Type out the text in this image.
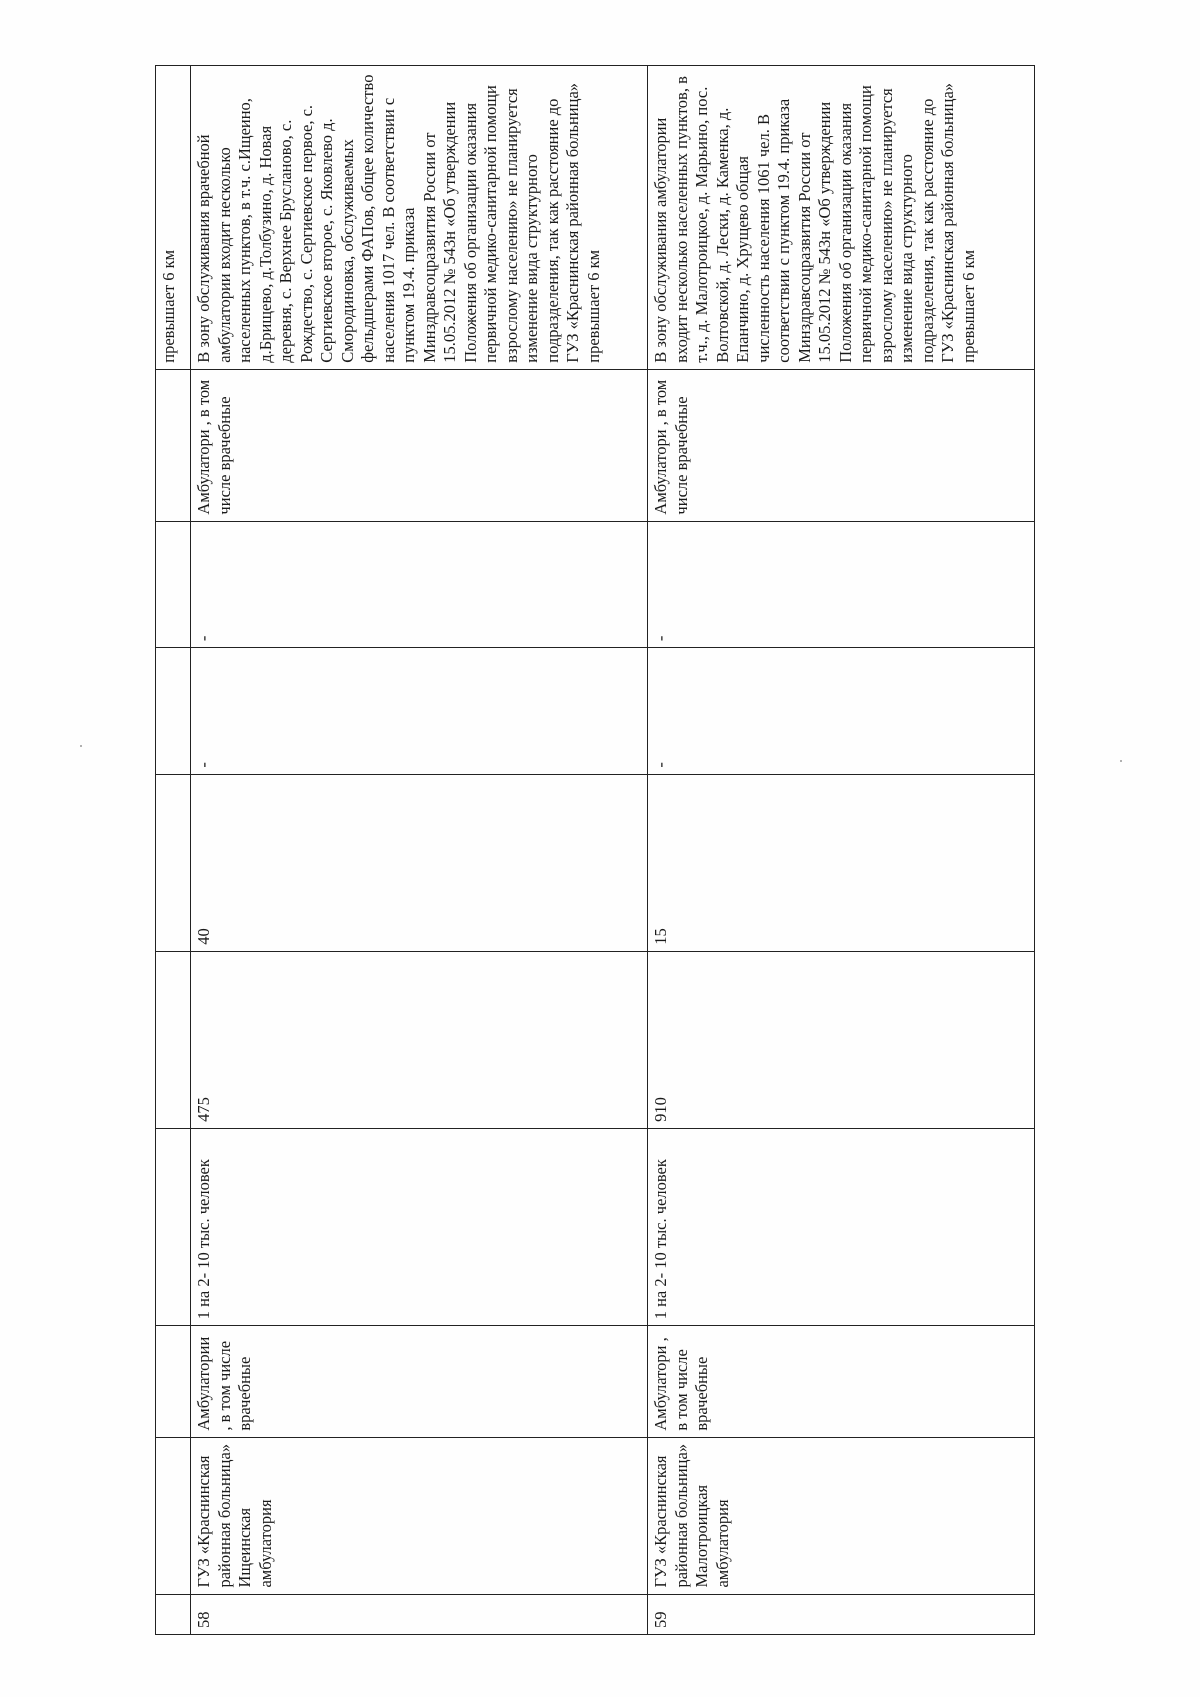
									превышает 6 км
58	ГУЗ «Краснинская районная больница» Ищеинская амбулатория	Амбулатории , в том числе врачебные	1 на 2- 10 тыс. человек	475	40	-	-	Амбулатори , в том числе врачебные	В зону обслуживания врачебной амбулатории входит несколько населенных пунктов, в т.ч. с.Ищеино, д.Брищево, д.Толбузино, д. Новая деревня, с. Верхнее Брусланово, с. Рождество, с. Сергиевское первое, с. Сергиевское второе, с. Яковлево д. Смородиновка, обслуживаемых фельдшерами ФАПов, общее количество населения 1017 чел. В соответствии с пунктом 19.4. приказа Минздравсоцразвития России от 15.05.2012 № 543н «Об утверждении Положения об организации оказания первичной медико-санитарной помощи взрослому населению» не планируется изменение вида структурного подразделения, так как расстояние до ГУЗ «Краснинская районная больница» превышает 6 км
59	ГУЗ «Краснинская районная больница» Малотроицкая амбулатория	Амбулатори , в том числе врачебные	1 на 2- 10 тыс. человек	910	15	-	-	Амбулатори , в том числе врачебные	В зону обслуживания амбулатории входит несколько населенных пунктов, в т.ч., д. Малотроицкое, д. Марьино, пос. Волтовской, д. Лески, д. Каменка, д. Епанчино, д. Хрущево общая численность населения 1061 чел. В соответствии с пунктом 19.4. приказа Минздравсоцразвития России от 15.05.2012 № 543н «Об утверждении Положения об организации оказания первичной медико-санитарной помощи взрослому населению» не планируется изменение вида структурного подразделения, так как расстояние до ГУЗ «Краснинская районная больница» превышает 6 км
